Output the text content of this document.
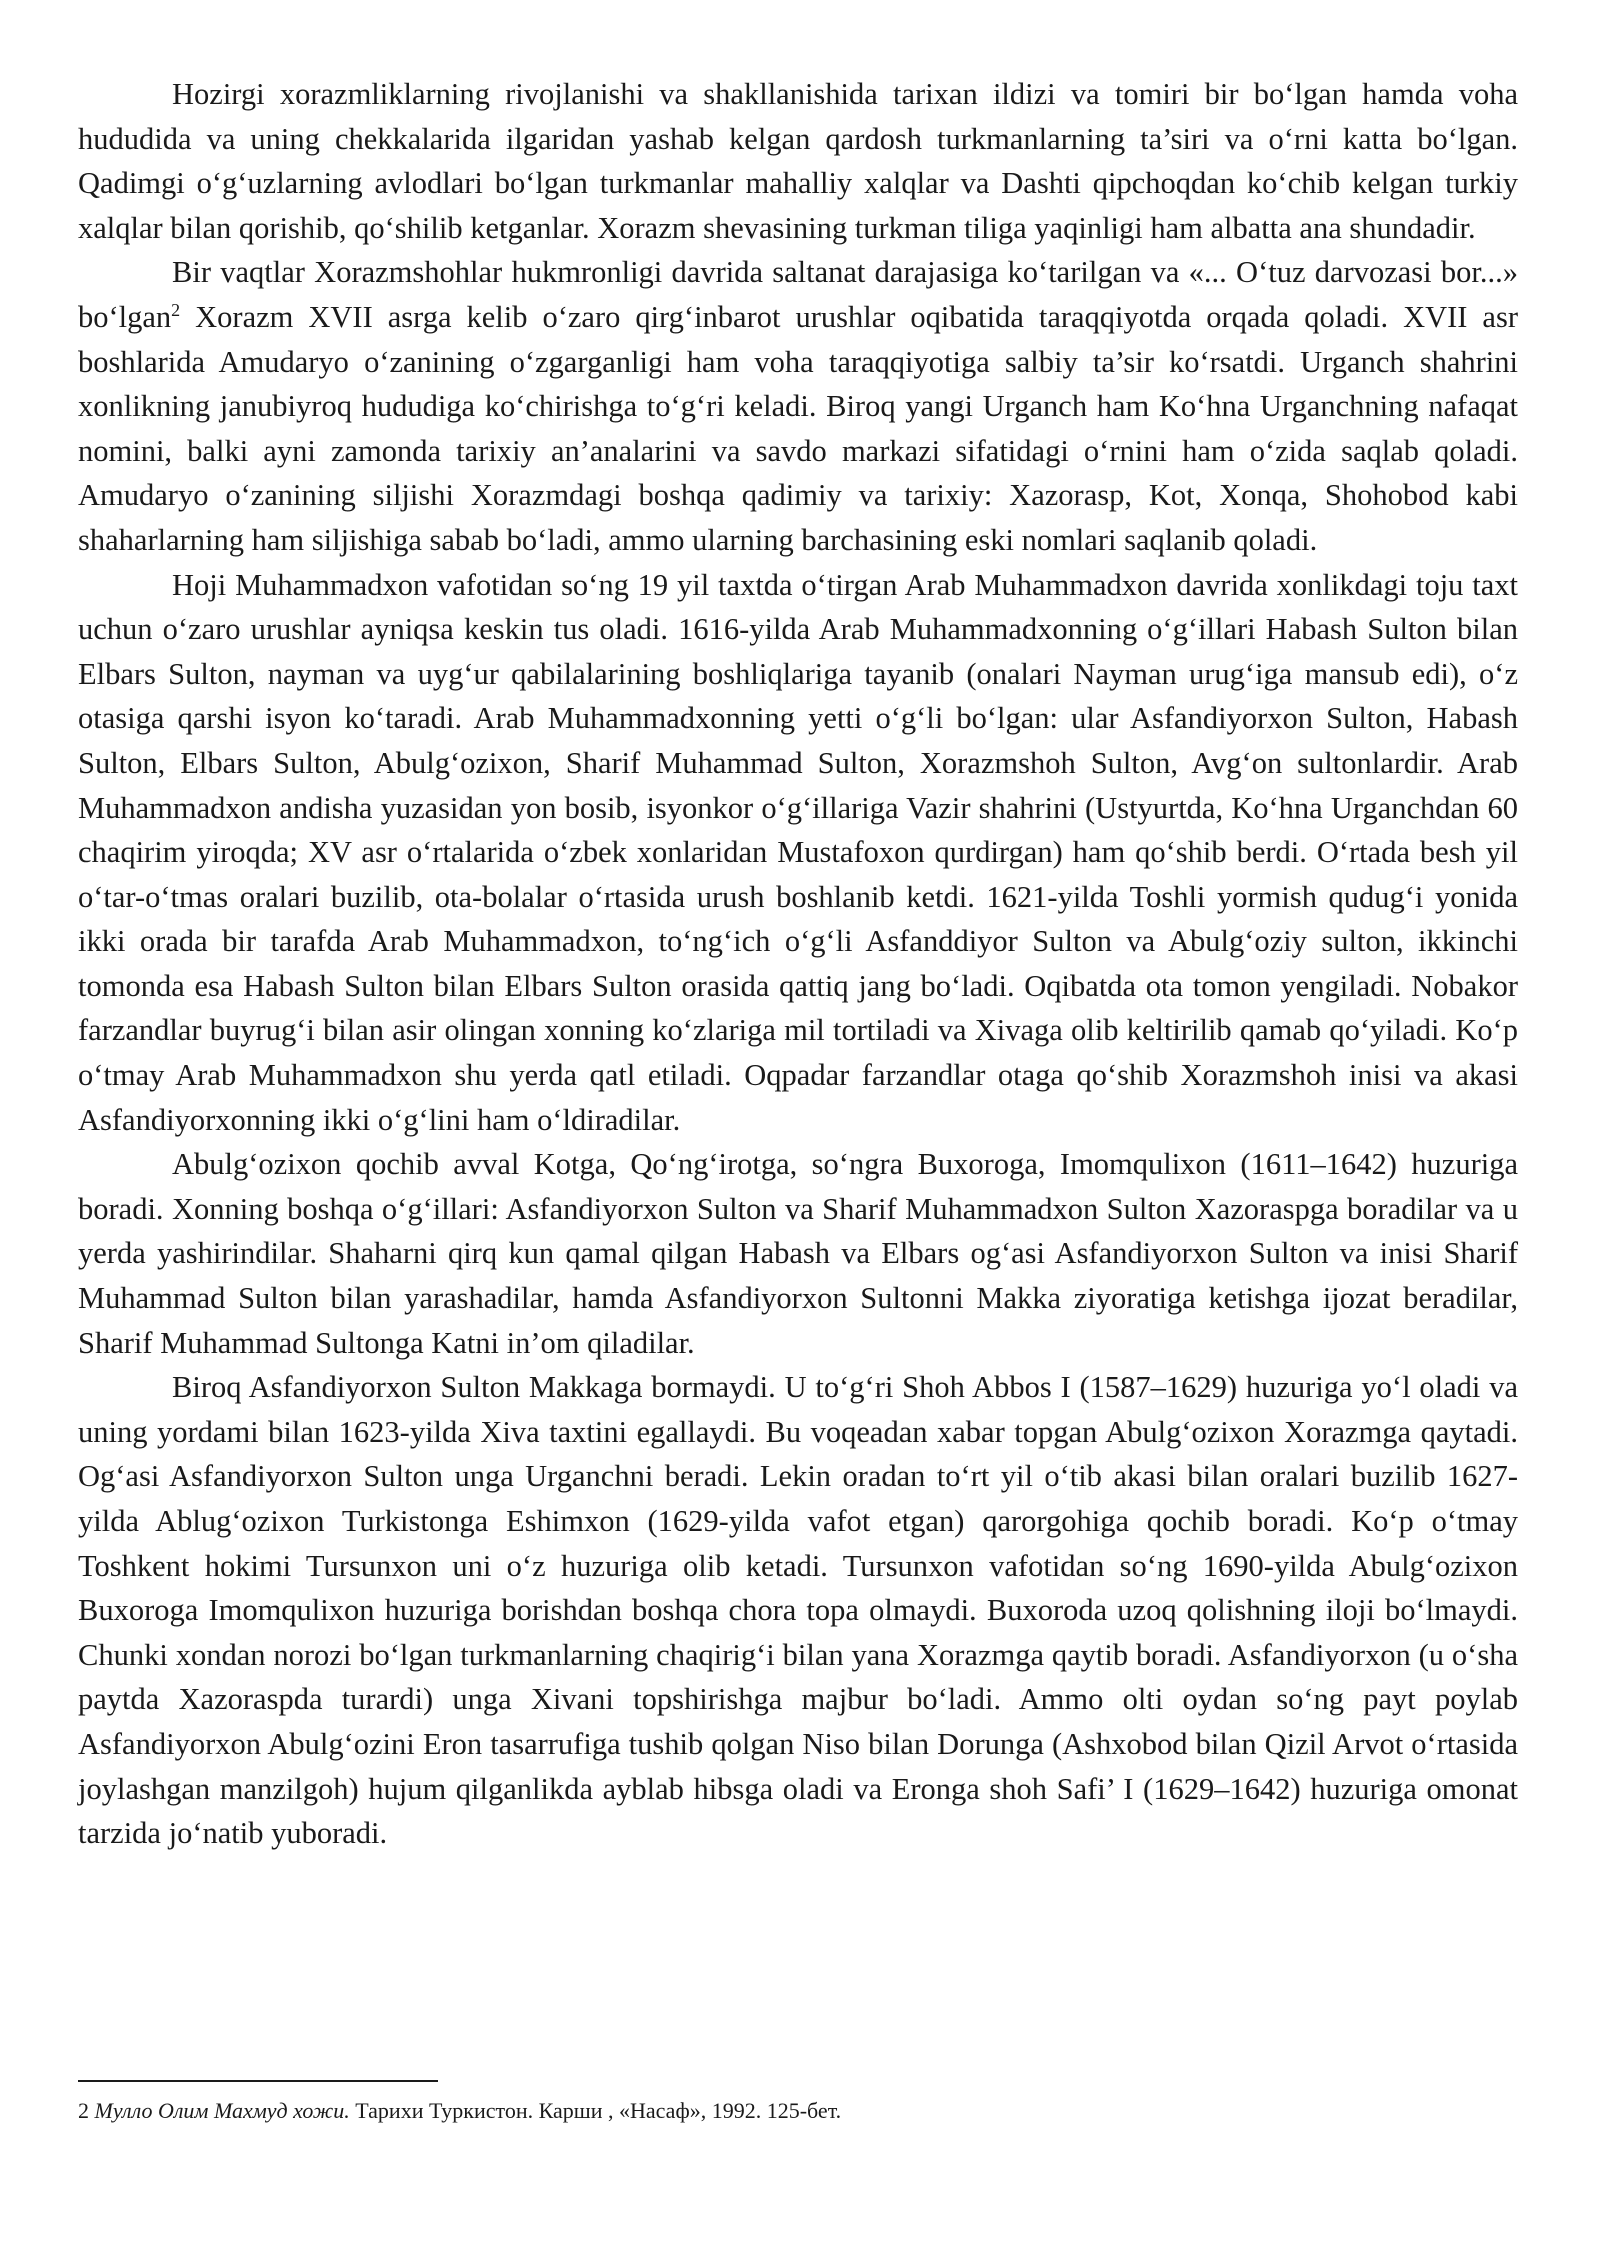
Hozirgi xorazmliklarning rivojlanishi va shakllanishida tarixan ildizi va tomiri bir bo‘lgan hamda voha hududida va uning chekkalarida ilgaridan yashab kelgan qardosh turkmanlarning ta’siri va o‘rni katta bo‘lgan. Qadimgi o‘g‘uzlarning avlodlari bo‘lgan turkmanlar mahalliy xalqlar va Dashti qipchoqdan ko‘chib kelgan turkiy xalqlar bilan qorishib, qo‘shilib ketganlar. Xorazm shevasining turkman tiliga yaqinligi ham albatta ana shundadir.

Bir vaqtlar Xorazmshohlar hukmronligi davrida saltanat darajasiga ko‘tarilgan va «... O‘tuz darvozasi bor...» bo‘lgan$^2$ Xorazm XVII asrga kelib o‘zaro qirg‘inbarot urushlar oqibatida taraqqiyotda orqada qoladi. XVII asr boshlarida Amudaryo o‘zanining o‘zgarganligi ham voha taraqqiyotiga salbiy ta’sir ko‘rsatdi. Urganch shahrini xonlikning janubiyroq hududiga ko‘chirishga to‘g‘ri keladi. Biroq yangi Urganch ham Ko‘hna Urganchning nafaqat nomini, balki ayni zamonda tarixiy an’analarini va savdo markazi sifatidagi o‘rnini ham o‘zida saqlab qoladi. Amudaryo o‘zanining siljishi Xorazmdagi boshqa qadimiy va tarixiy: Xazorasp, Kot, Xonqa, Shohobod kabi shaharlarning ham siljishiga sabab bo‘ladi, ammo ularning barchasining eski nomlari saqlanib qoladi.

Hoji Muhammadxon vafotidan so‘ng 19 yil taxtda o‘tirgan Arab Muhammadxon davrida xonlikdagi toju taxt uchun o‘zaro urushlar ayniqsa keskin tus oladi. 1616-yilda Arab Muhammadxonning o‘g‘illari Habash Sulton bilan Elbars Sulton, nayman va uyg‘ur qabilalarining boshliqlariga tayanib (onalari Nayman urug‘iga mansub edi), o‘z otasiga qarshi isyon ko‘taradi. Arab Muhammadxonning yetti o‘g‘li bo‘lgan: ular Asfandiyorxon Sulton, Habash Sulton, Elbars Sulton, Abulg‘ozixon, Sharif Muhammad Sulton, Xorazmshoh Sulton, Avg‘on sultonlardir. Arab Muhammadxon andisha yuzasidan yon bosib, isyonkor o‘g‘illariga Vazir shahrini (Ustyurtda, Ko‘hna Urganchdan 60 chaqirim yiroqda; XV asr o‘rtalarida o‘zbek xonlaridan Mustafoxon qurdirgan) ham qo‘shib berdi. O‘rtada besh yil o‘tar-o‘tmas oralari buzilib, ota-bolalar o‘rtasida urush boshlanib ketdi. 1621-yilda Toshli yormish qudug‘i yonida ikki orada bir tarafda Arab Muhammadxon, to‘ng‘ich o‘g‘li Asfanddiyor Sulton va Abulg‘oziy sulton, ikkinchi tomonda esa Habash Sulton bilan Elbars Sulton orasida qattiq jang bo‘ladi. Oqibatda ota tomon yengiladi. Nobakor farzandlar buyrug‘i bilan asir olingan xonning ko‘zlariga mil tortiladi va Xivaga olib keltirilib qamab qo‘yiladi. Ko‘p o‘tmay Arab Muhammadxon shu yerda qatl etiladi. Oqpadar farzandlar otaga qo‘shib Xorazmshoh inisi va akasi Asfandiyorxonning ikki o‘g‘lini ham o‘ldiradilar.

Abulg‘ozixon qochib avval Kotga, Qo‘ng‘irotga, so‘ngra Buxoroga, Imomqulixon (1611–1642) huzuriga boradi. Xonning boshqa o‘g‘illari: Asfandiyorxon Sulton va Sharif Muhammadxon Sulton Xazoraspga boradilar va u yerda yashirindilar. Shaharni qirq kun qamal qilgan Habash va Elbars og‘asi Asfandiyorxon Sulton va inisi Sharif Muhammad Sulton bilan yarashadilar, hamda Asfandiyorxon Sultonni Makka ziyoratiga ketishga ijozat beradilar, Sharif Muhammad Sultonga Katni in’om qiladilar.

Biroq Asfandiyorxon Sulton Makkaga bormaydi. U to‘g‘ri Shoh Abbos I (1587–1629) huzuriga yo‘l oladi va uning yordami bilan 1623-yilda Xiva taxtini egallaydi. Bu voqeadan xabar topgan Abulg‘ozixon Xorazmga qaytadi. Og‘asi Asfandiyorxon Sulton unga Urganchni beradi. Lekin oradan to‘rt yil o‘tib akasi bilan oralari buzilib 1627-yilda Ablug‘ozixon Turkistonga Eshimxon (1629-yilda vafot etgan) qarorgohiga qochib boradi. Ko‘p o‘tmay Toshkent hokimi Tursunxon uni o‘z huzuriga olib ketadi. Tursunxon vafotidan so‘ng 1690-yilda Abulg‘ozixon Buxoroga Imomqulixon huzuriga borishdan boshqa chora topa olmaydi. Buxoroda uzoq qolishning iloji bo‘lmaydi. Chunki xondan norozi bo‘lgan turkmanlarning chaqirig‘i bilan yana Xorazmga qaytib boradi. Asfandiyorxon (u o‘sha paytda Xazoraspda turardi) unga Xivani topshirishga majbur bo‘ladi. Ammo olti oydan so‘ng payt poylab Asfandiyorxon Abulg‘ozini Eron tasarrufiga tushib qolgan Niso bilan Dorunga (Ashxobod bilan Qizil Arvot o‘rtasida joylashgan manzilgoh) hujum qilganlikda ayblab hibsga oladi va Eronga shoh Safi’ I (1629–1642) huzuriga omonat tarzida jo‘natib yuboradi.

2 Мулло Олим Махмуд хожи. Тарихи Туркистон. Карши , «Насаф», 1992. 125-бет.
